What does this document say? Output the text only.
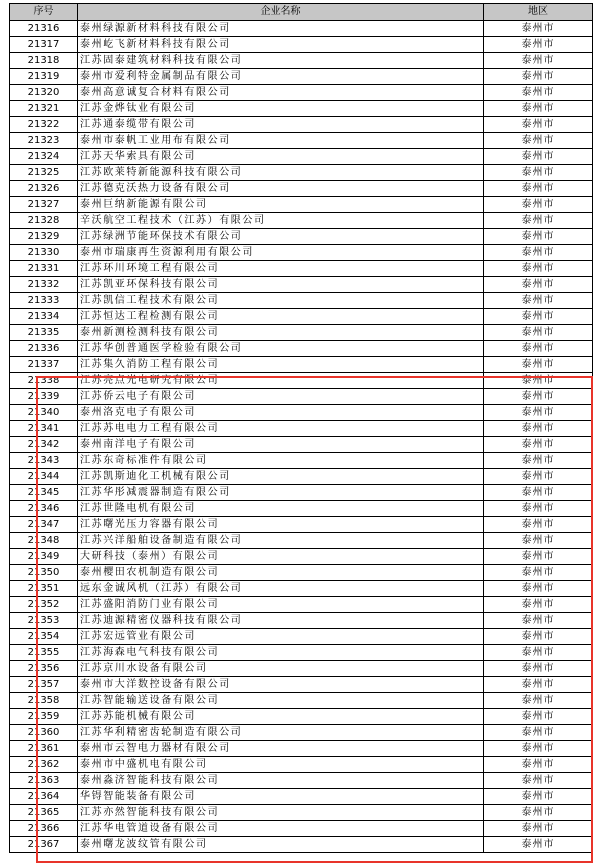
序号	企业名称	地区
21316	泰州绿源新材料科技有限公司	泰州市
21317	泰州屹飞新材料科技有限公司	泰州市
21318	江苏固泰建筑材料科技有限公司	泰州市
21319	泰州市爱利特金属制品有限公司	泰州市
21320	泰州高意诚复合材料有限公司	泰州市
21321	江苏金烨钛业有限公司	泰州市
21322	江苏通泰缆带有限公司	泰州市
21323	泰州市泰帆工业用布有限公司	泰州市
21324	江苏天华索具有限公司	泰州市
21325	江苏欧莱特新能源科技有限公司	泰州市
21326	江苏德克沃热力设备有限公司	泰州市
21327	泰州巨纳新能源有限公司	泰州市
21328	辛沃航空工程技术（江苏）有限公司	泰州市
21329	江苏绿洲节能环保技术有限公司	泰州市
21330	泰州市瑞康再生资源利用有限公司	泰州市
21331	江苏环川环境工程有限公司	泰州市
21332	江苏凯亚环保科技有限公司	泰州市
21333	江苏凯信工程技术有限公司	泰州市
21334	江苏恒达工程检测有限公司	泰州市
21335	泰州新测检测科技有限公司	泰州市
21336	江苏华创普通医学检验有限公司	泰州市
21337	江苏集久消防工程有限公司	泰州市
21338	江苏亮点光电研究有限公司	泰州市
21339	江苏侨云电子有限公司	泰州市
21340	泰州洛克电子有限公司	泰州市
21341	江苏苏电电力工程有限公司	泰州市
21342	泰州南洋电子有限公司	泰州市
21343	江苏东奇标准件有限公司	泰州市
21344	江苏凯斯迪化工机械有限公司	泰州市
21345	江苏华彤减震器制造有限公司	泰州市
21346	江苏世隆电机有限公司	泰州市
21347	江苏曙光压力容器有限公司	泰州市
21348	江苏兴洋船舶设备制造有限公司	泰州市
21349	大研科技（泰州）有限公司	泰州市
21350	泰州樱田农机制造有限公司	泰州市
21351	远东金诚风机（江苏）有限公司	泰州市
21352	江苏盛阳消防门业有限公司	泰州市
21353	江苏迪源精密仪器科技有限公司	泰州市
21354	江苏宏远管业有限公司	泰州市
21355	江苏海森电气科技有限公司	泰州市
21356	江苏京川水设备有限公司	泰州市
21357	泰州市大洋数控设备有限公司	泰州市
21358	江苏智能输送设备有限公司	泰州市
21359	江苏苏能机械有限公司	泰州市
21360	江苏华利精密齿轮制造有限公司	泰州市
21361	泰州市云智电力器材有限公司	泰州市
21362	泰州市中盛机电有限公司	泰州市
21363	泰州淼济智能科技有限公司	泰州市
21364	华锝智能装备有限公司	泰州市
21365	江苏亦然智能科技有限公司	泰州市
21366	江苏华电管道设备有限公司	泰州市
21367	泰州曙龙波纹管有限公司	泰州市
